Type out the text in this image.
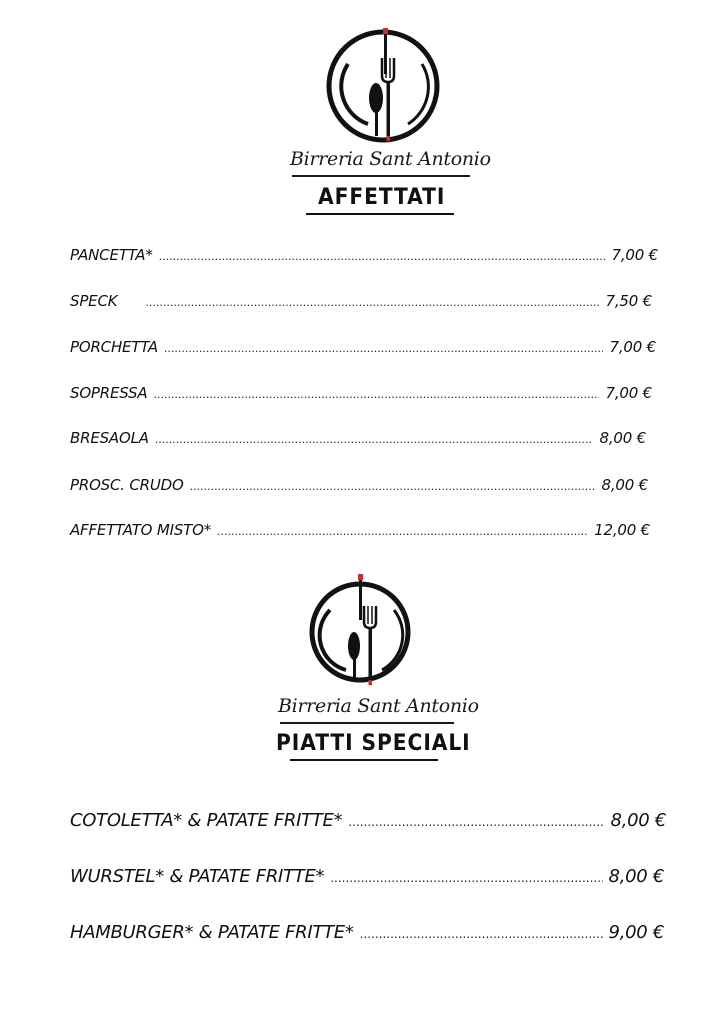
Birreria Sant Antonio
AFFETTATI
PANCETTA* .....	7,00 €
SPECK .....	7,50 €
PORCHETTA .....	7,00 €
SOPRESSA .....	7,00 €
BRESAOLA .....	8,00 €
PROSC. CRUDO .....	8,00 €
AFFETTATO MISTO* .....	12,00 €
Birreria Sant Antonio
PIATTI SPECIALI
COTOLETTA* & PATATE FRITTE* .....	8,00 €
WURSTEL* & PATATE FRITTE* .....	8,00 €
HAMBURGER* & PATATE FRITTE* .....	9,00 €
